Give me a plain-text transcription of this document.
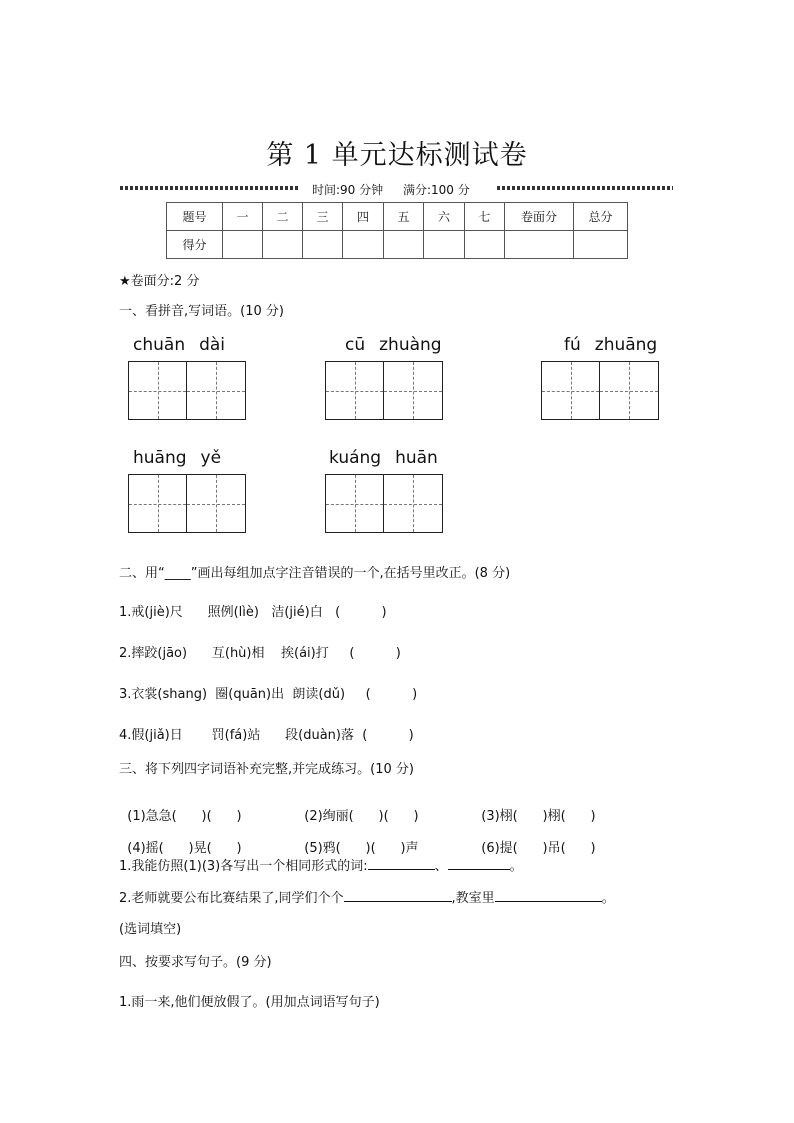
第 1 单元达标测试卷
时间:90 分钟 满分:100 分
题号	一	二	三	四	五	六	七	卷面分	总分
得分									
★卷面分:2 分
一、看拼音,写词语。(10 分)
chuān dài	cū zhuàng	fú zhuāng
huāng yě	kuáng huān
二、用“____”画出每组加点字注音错误的一个,在括号里改正。(8 分)
1.戒(jiè)尺      照例(lìè)   洁(jié)白   (          )
2.摔跤(jāo)      互(hù)相    挨(ái)打     (          )
3.衣裳(shang)  圈(quān)出  朗读(dǔ)     (          )
4.假(jiǎ)日       罚(fá)站      段(duàn)落  (          )
三、将下列四字词语补充完整,并完成练习。(10 分)

(1)急急(      )(      )	(2)绚丽(      )(      )	(3)栩(      )栩(      )

(4)摇(      )晃(      )	(5)鸦(      )(      )声	(6)提(      )吊(      )

1.我能仿照(1)(3)各写出一个相同形式的词:	、	。
2.老师就要公布比赛结果了,同学们个个	,教室里	。
(选词填空)
四、按要求写句子。(9 分)
1.雨一来,他们便放假了。(用加点词语写句子)
